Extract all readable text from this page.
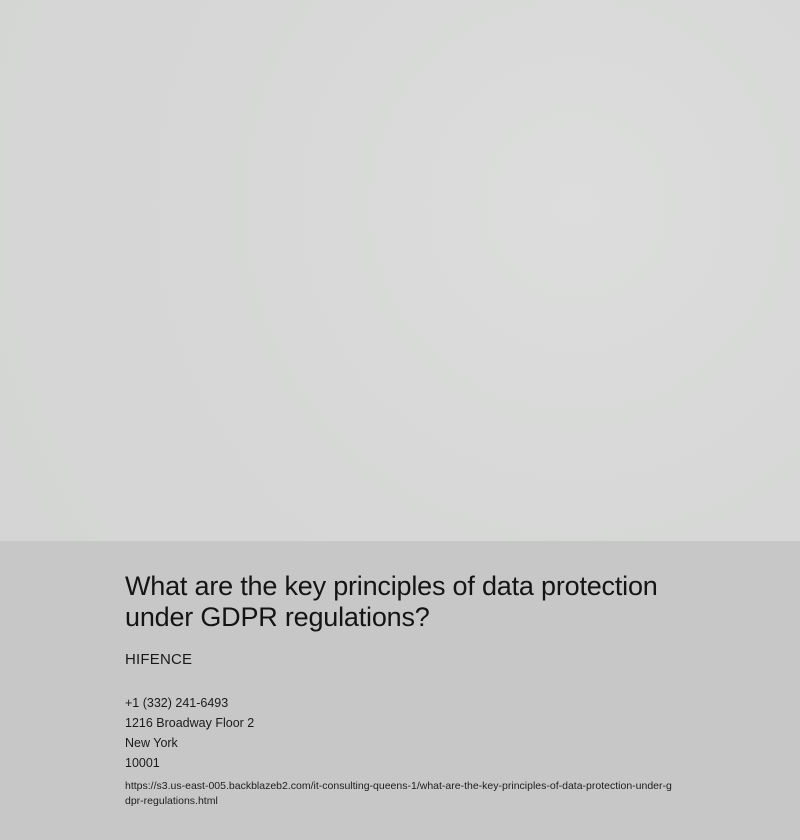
What are the key principles of data protection under GDPR regulations?
HIFENCE
+1 (332) 241-6493
1216 Broadway Floor 2
New York
10001
https://s3.us-east-005.backblazeb2.com/it-consulting-queens-1/what-are-the-key-principles-of-data-protection-under-gdpr-regulations.html
